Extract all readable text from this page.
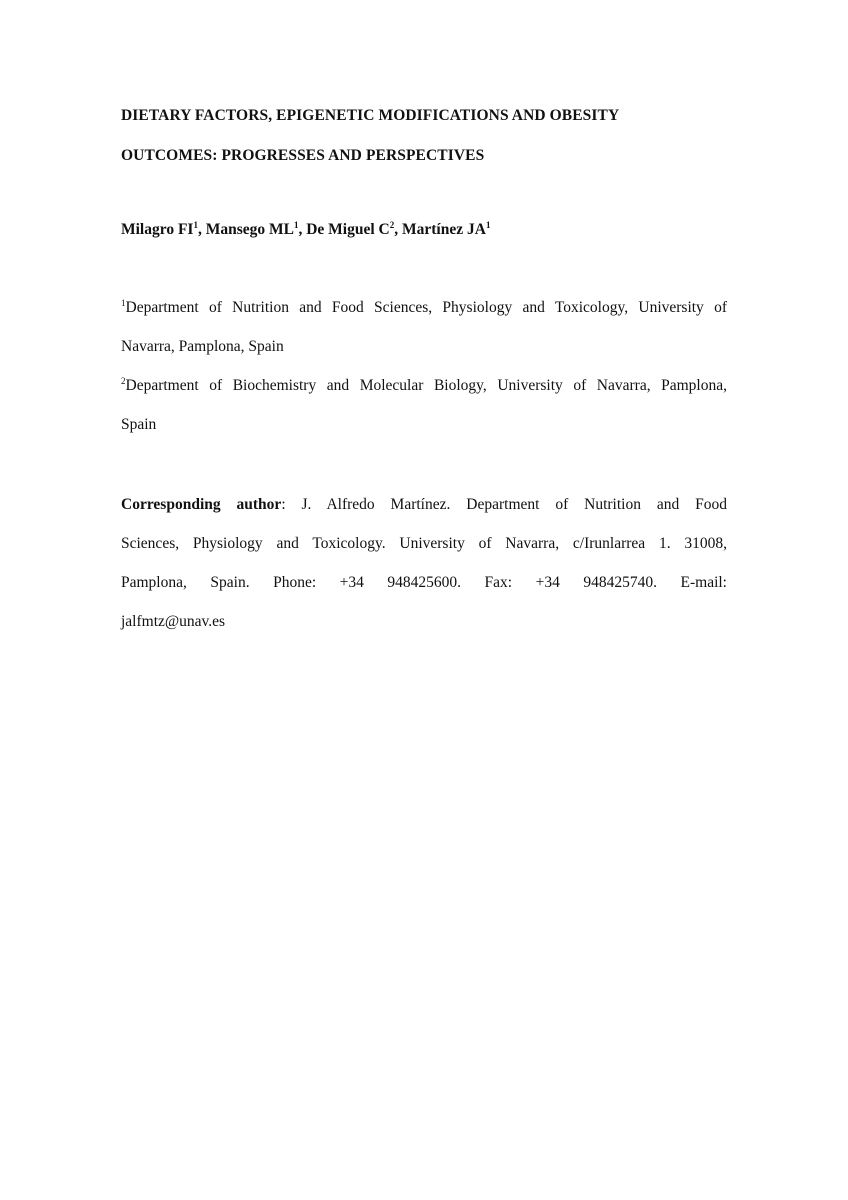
DIETARY FACTORS, EPIGENETIC MODIFICATIONS AND OBESITY
OUTCOMES: PROGRESSES AND PERSPECTIVES

Milagro $FI^1$, Mansego $ML^1$, De Miguel $C^2$, Martínez $JA^1$

$^1$Department of Nutrition and Food Sciences, Physiology and Toxicology, University of
Navarra, Pamplona, Spain

$^2$Department of Biochemistry and Molecular Biology, University of Navarra, Pamplona,
Spain

Corresponding author: J. Alfredo Martínez. Department of Nutrition and Food
Sciences, Physiology and Toxicology. University of Navarra, c/Irunlarrea 1. 31008,
Pamplona, Spain. Phone: +34 948425600. Fax: +34 948425740. E-mail:
jalfmtz@unav.es
